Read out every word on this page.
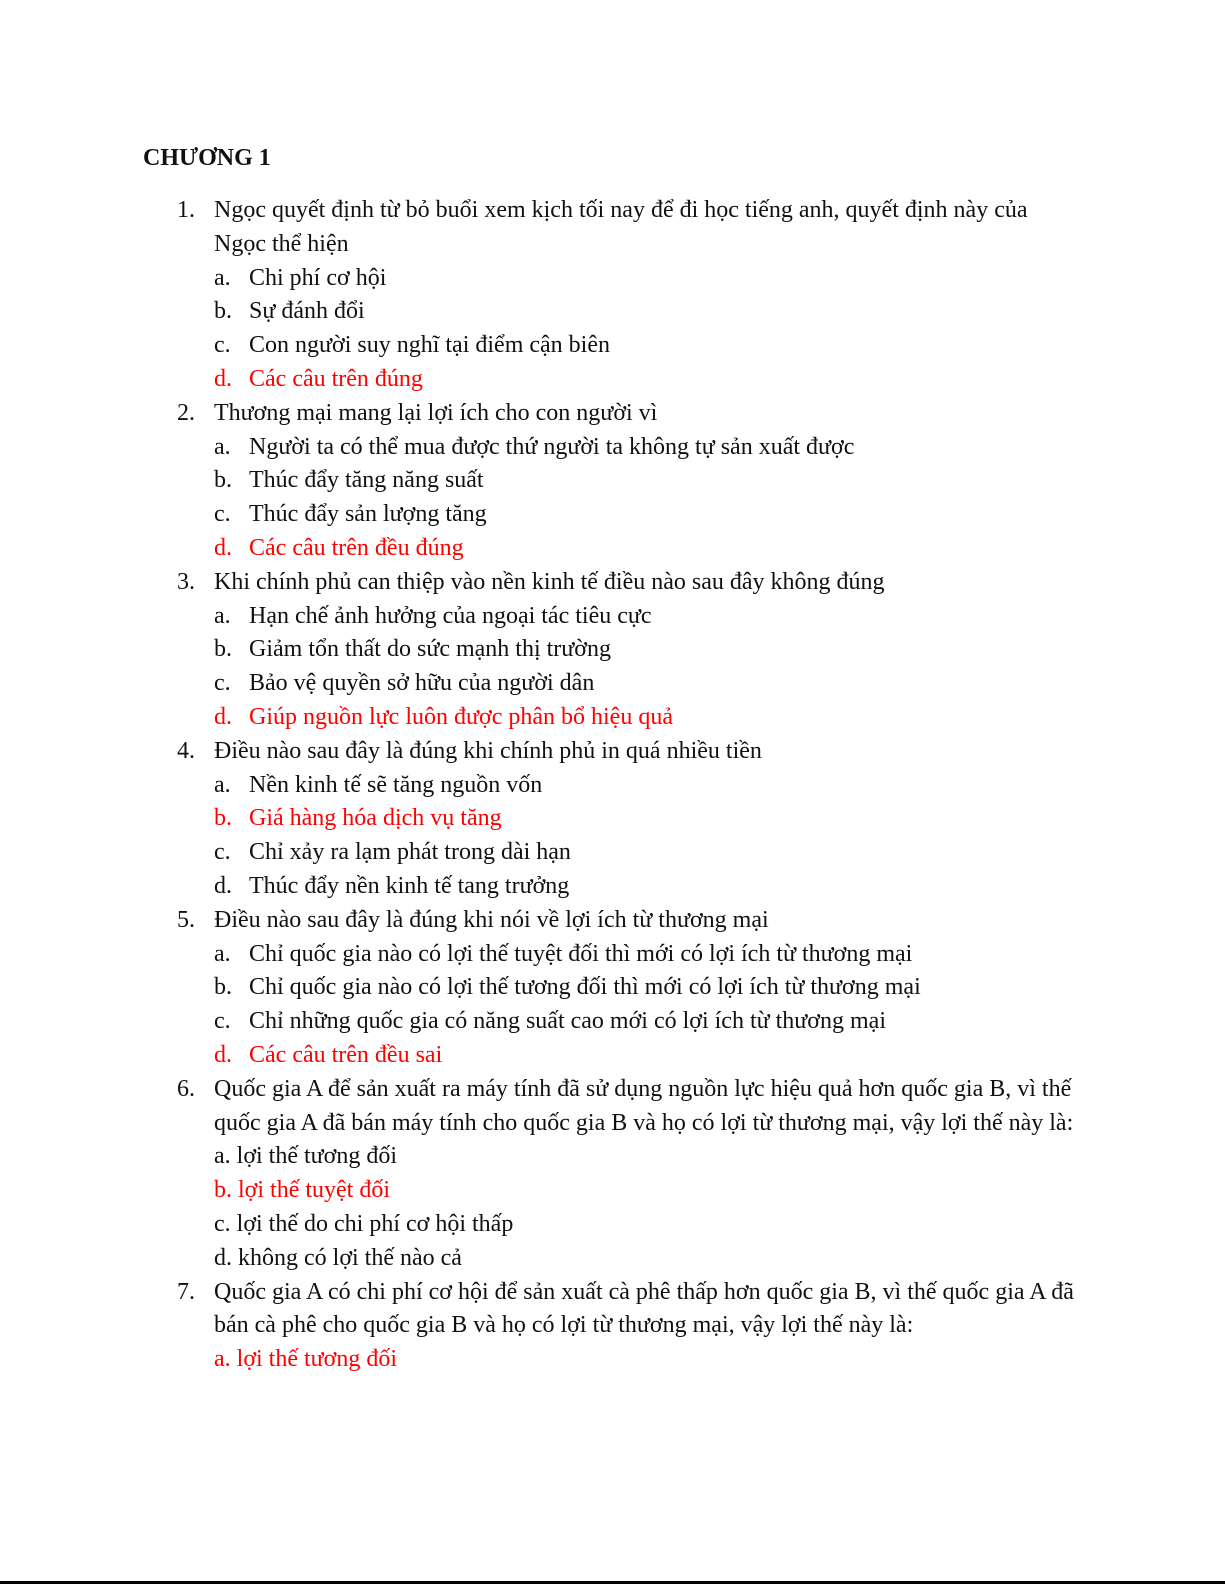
CHƯƠNG 1
1. Ngọc quyết định từ bỏ buổi xem kịch tối nay để đi học tiếng anh, quyết định này của Ngọc thể hiện
a. Chi phí cơ hội
b. Sự đánh đổi
c. Con người suy nghĩ tại điểm cận biên
d. Các câu trên đúng
2. Thương mại mang lại lợi ích cho con người vì
a. Người ta có thể mua được thứ người ta không tự sản xuất được
b. Thúc đẩy tăng năng suất
c. Thúc đẩy sản lượng tăng
d. Các câu trên đều đúng
3. Khi chính phủ can thiệp vào nền kinh tế điều nào sau đây không đúng
a. Hạn chế ảnh hưởng của ngoại tác tiêu cực
b. Giảm tổn thất do sức mạnh thị trường
c. Bảo vệ quyền sở hữu của người dân
d. Giúp nguồn lực luôn được phân bổ hiệu quả
4. Điều nào sau đây là đúng khi chính phủ in quá nhiều tiền
a. Nền kinh tế sẽ tăng nguồn vốn
b. Giá hàng hóa dịch vụ tăng
c. Chỉ xảy ra lạm phát trong dài hạn
d. Thúc đẩy nền kinh tế tang trưởng
5. Điều nào sau đây là đúng khi nói về lợi ích từ thương mại
a. Chỉ quốc gia nào có lợi thế tuyệt đối thì mới có lợi ích từ thương mại
b. Chỉ quốc gia nào có lợi thế tương đối thì mới có lợi ích từ thương mại
c. Chỉ những quốc gia có năng suất cao mới có lợi ích từ thương mại
d. Các câu trên đều sai
6. Quốc gia A để sản xuất ra máy tính đã sử dụng nguồn lực hiệu quả hơn quốc gia B, vì thế quốc gia A đã bán máy tính cho quốc gia B và họ có lợi từ thương mại, vậy lợi thế này là:
a. lợi thế tương đối
b. lợi thế tuyệt đối
c. lợi thế do chi phí cơ hội thấp
d. không có lợi thế nào cả
7. Quốc gia A có chi phí cơ hội để sản xuất cà phê thấp hơn quốc gia B, vì thế quốc gia A đã bán cà phê cho quốc gia B và họ có lợi từ thương mại, vậy lợi thế này là:
a. lợi thế tương đối
